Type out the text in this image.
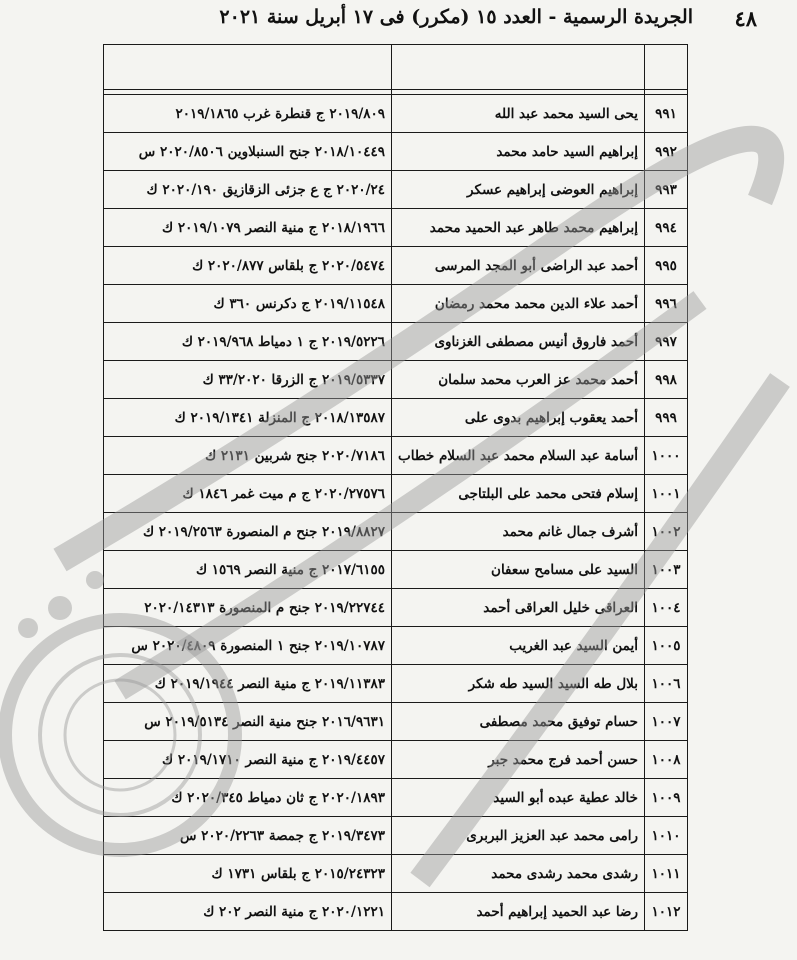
٤٨
الجريدة الرسمية - العدد ١٥ (مكرر) فى ١٧ أبريل سنة ٢٠٢١

٩٩١	يحى السيد محمد عبد الله	٢٠١٩/٨٠٩ ج قنطرة غرب ٢٠١٩/١٨٦٥
٩٩٢	إبراهيم السيد حامد محمد	٢٠١٨/١٠٤٤٩ جنح السنبلاوين ٢٠٢٠/٨٥٠٦ س
٩٩٣	إبراهيم العوضى إبراهيم عسكر	٢٠٢٠/٢٤ ج ع جزئى الزقازيق ٢٠٢٠/١٩٠ ك
٩٩٤	إبراهيم محمد طاهر عبد الحميد محمد	٢٠١٨/١٩٦٦ ج منية النصر ٢٠١٩/١٠٧٩ ك
٩٩٥	أحمد عبد الراضى أبو المجد المرسى	٢٠٢٠/٥٤٧٤ ج بلقاس ٢٠٢٠/٨٧٧ ك
٩٩٦	أحمد علاء الدين محمد محمد رمضان	٢٠١٩/١١٥٤٨ ج دكرنس ٣٦٠ ك
٩٩٧	أحمد فاروق أنيس مصطفى الغزناوى	٢٠١٩/٥٢٢٦ ج ١ دمياط ٢٠١٩/٩٦٨ ك
٩٩٨	أحمد محمد عز العرب محمد سلمان	٢٠١٩/٥٣٣٧ ج الزرقا ٣٣/٢٠٢٠ ك
٩٩٩	أحمد يعقوب إبراهيم بدوى على	٢٠١٨/١٣٥٨٧ ج المنزلة ٢٠١٩/١٣٤١ ك
١٠٠٠	أسامة عبد السلام محمد عبد السلام خطاب	٢٠٢٠/٧١٨٦ جنح شربين ٢١٣١ ك
١٠٠١	إسلام فتحى محمد على البلتاجى	٢٠٢٠/٢٧٥٧٦ ج م ميت غمر ١٨٤٦ ك
١٠٠٢	أشرف جمال غانم محمد	٢٠١٩/٨٨٢٧ جنح م المنصورة ٢٠١٩/٢٥٦٣ ك
١٠٠٣	السيد على مسامح سعفان	٢٠١٧/٦١٥٥ ج منية النصر ١٥٦٩ ك
١٠٠٤	العراقى خليل العراقى أحمد	٢٠١٩/٢٢٧٤٤ جنح م المنصورة ٢٠٢٠/١٤٣١٣
١٠٠٥	أيمن السيد عبد الغريب	٢٠١٩/١٠٧٨٧ جنح ١ المنصورة ٢٠٢٠/٤٨٠٩ س
١٠٠٦	بلال طه السيد السيد طه شكر	٢٠١٩/١١٣٨٣ ج منية النصر ٢٠١٩/١٩٤٤ ك
١٠٠٧	حسام توفيق محمد مصطفى	٢٠١٦/٩٦٣١ جنح منية النصر ٢٠١٩/٥١٣٤ س
١٠٠٨	حسن أحمد فرج محمد جبر	٢٠١٩/٤٤٥٧ ج منية النصر ٢٠١٩/١٧١٠ ك
١٠٠٩	خالد عطية عبده أبو السيد	٢٠٢٠/١٨٩٣ ج ثان دمياط ٢٠٢٠/٣٤٥ ك
١٠١٠	رامى محمد عبد العزيز البربرى	٢٠١٩/٣٤٧٣ ج جمصة ٢٠٢٠/٢٢٦٣ س
١٠١١	رشدى محمد رشدى محمد	٢٠١٥/٢٤٣٢٣ ج بلقاس ١٧٣١ ك
١٠١٢	رضا عبد الحميد إبراهيم أحمد	٢٠٢٠/١٢٢١ ج منية النصر ٢٠٢ ك
